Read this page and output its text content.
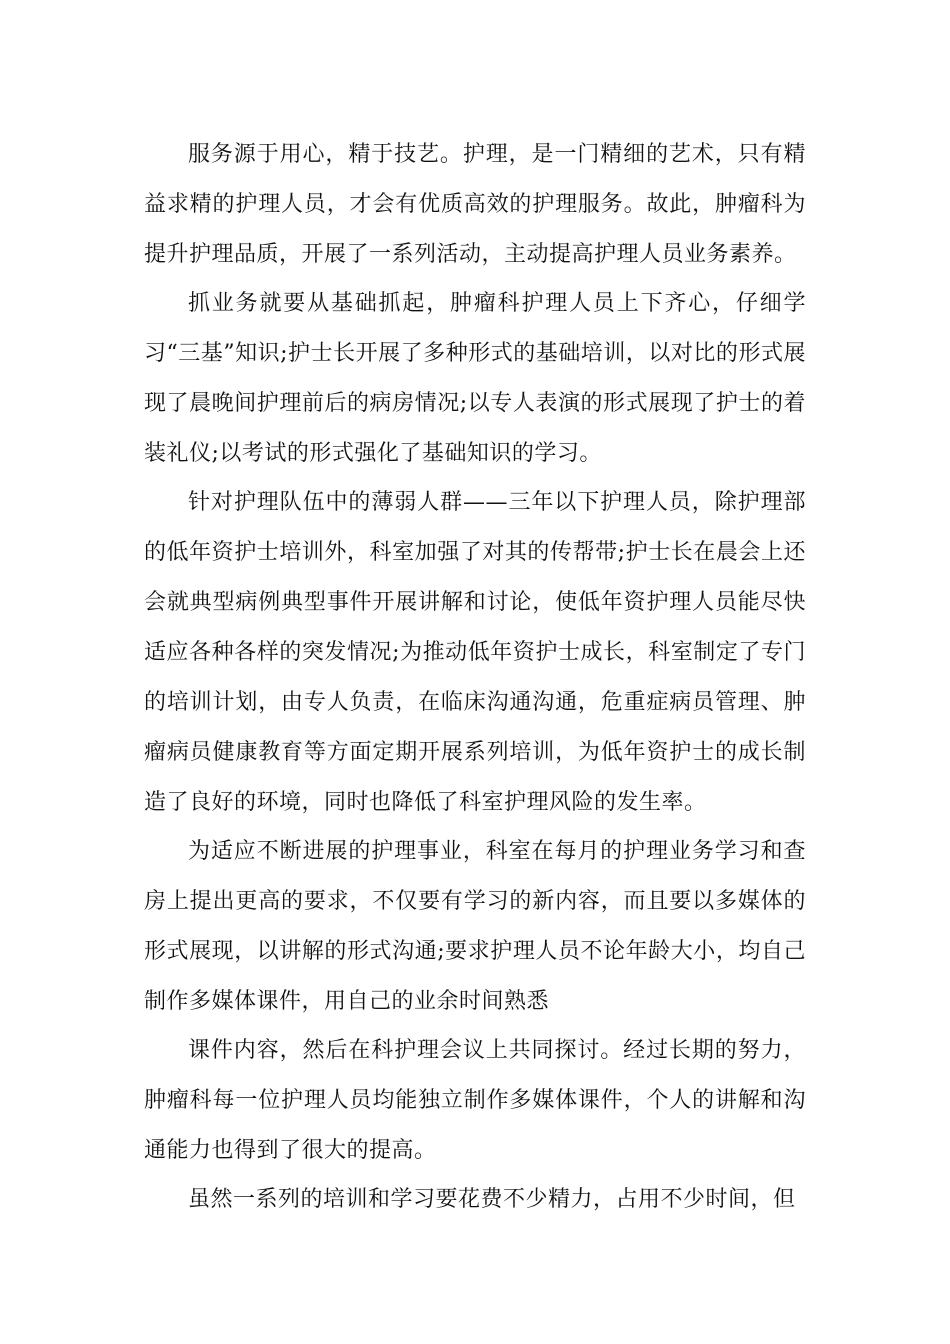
服务源于用心，精于技艺。护理，是一门精细的艺术，只有精益求精的护理人员，才会有优质高效的护理服务。故此，肿瘤科为提升护理品质，开展了一系列活动，主动提高护理人员业务素养。

抓业务就要从基础抓起，肿瘤科护理人员上下齐心，仔细学习“三基”知识;护士长开展了多种形式的基础培训，以对比的形式展现了晨晚间护理前后的病房情况;以专人表演的形式展现了护士的着装礼仪;以考试的形式强化了基础知识的学习。

针对护理队伍中的薄弱人群——三年以下护理人员，除护理部的低年资护士培训外，科室加强了对其的传帮带;护士长在晨会上还会就典型病例典型事件开展讲解和讨论，使低年资护理人员能尽快适应各种各样的突发情况;为推动低年资护士成长，科室制定了专门的培训计划，由专人负责，在临床沟通沟通，危重症病员管理、肿瘤病员健康教育等方面定期开展系列培训，为低年资护士的成长制造了良好的环境，同时也降低了科室护理风险的发生率。

为适应不断进展的护理事业，科室在每月的护理业务学习和查房上提出更高的要求，不仅要有学习的新内容，而且要以多媒体的形式展现，以讲解的形式沟通;要求护理人员不论年龄大小，均自己制作多媒体课件，用自己的业余时间熟悉

课件内容，然后在科护理会议上共同探讨。经过长期的努力，肿瘤科每一位护理人员均能独立制作多媒体课件，个人的讲解和沟通能力也得到了很大的提高。

虽然一系列的培训和学习要花费不少精力，占用不少时间，但
